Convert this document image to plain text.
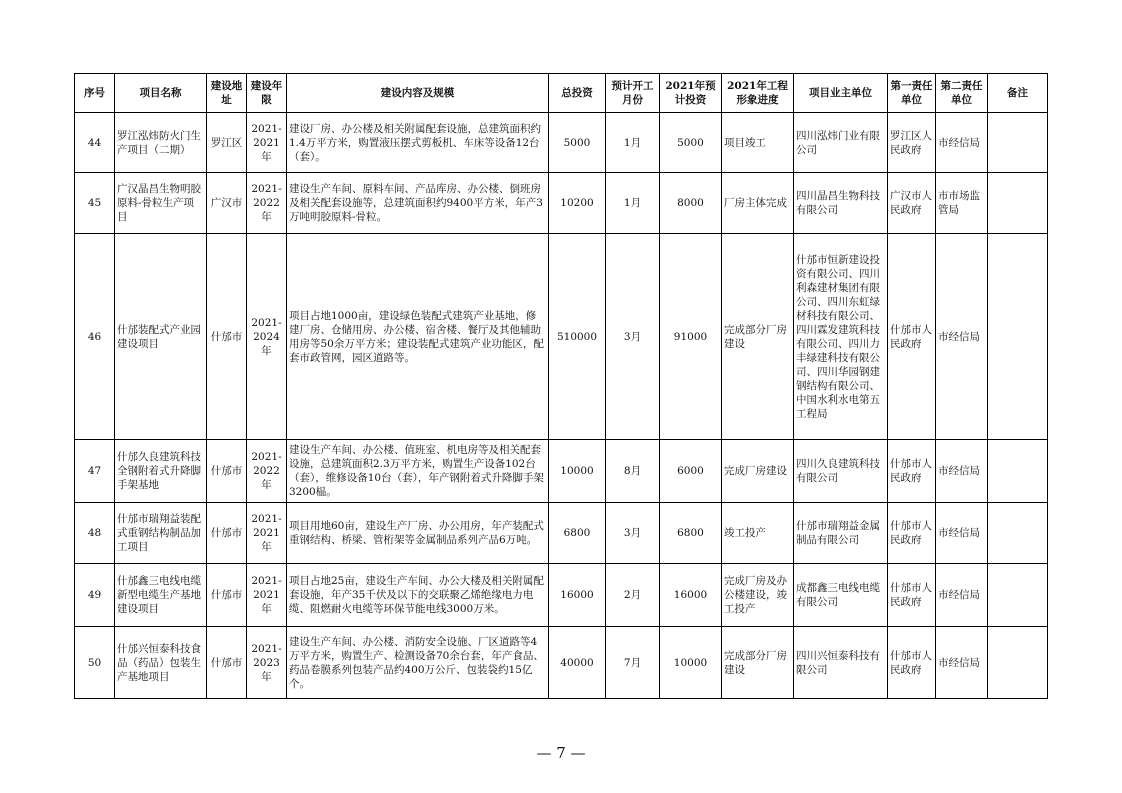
序号	项目名称	建设地址	建设年限	建设内容及规模	总投资	预计开工月份	2021年预计投资	2021年工程形象进度	项目业主单位	第一责任单位	第二责任单位	备注
44	罗江泓炜防火门生产项目（二期）	罗江区	2021-2021年	建设厂房、办公楼及相关附属配套设施，总建筑面积约1.4万平方米，购置液压摆式剪板机、车床等设备12台（套）。	5000	1月	5000	项目竣工	四川泓炜门业有限公司	罗江区人民政府	市经信局	
45	广汉晶昌生物明胶原料-骨粒生产项目	广汉市	2021-2022年	建设生产车间、原料车间、产品库房、办公楼、倒班房及相关配套设施等，总建筑面积约9400平方米，年产3万吨明胶原料-骨粒。	10200	1月	8000	厂房主体完成	四川晶昌生物科技有限公司	广汉市人民政府	市市场监管局	
46	什邡装配式产业园建设项目	什邡市	2021-2024年	项目占地1000亩，建设绿色装配式建筑产业基地，修建厂房、仓储用房、办公楼、宿舍楼、餐厅及其他辅助用房等50余万平方米；建设装配式建筑产业功能区，配套市政管网，园区道路等。	510000	3月	91000	完成部分厂房建设	什邡市恒新建设投资有限公司、四川利森建材集团有限公司、四川东虹绿材科技有限公司、四川霖发建筑科技有限公司、四川力丰绿建科技有限公司、四川华园钢建钢结构有限公司、中国水利水电第五工程局	什邡市人民政府	市经信局	
47	什邡久良建筑科技全钢附着式升降脚手架基地	什邡市	2021-2022年	建设生产车间、办公楼、值班室、机电房等及相关配套设施，总建筑面积2.3万平方米，购置生产设备102台（套），维修设备10台（套），年产钢附着式升降脚手架3200榀。	10000	8月	6000	完成厂房建设	四川久良建筑科技有限公司	什邡市人民政府	市经信局	
48	什邡市瑞翔益装配式重钢结构制品加工项目	什邡市	2021-2021年	项目用地60亩，建设生产厂房、办公用房，年产装配式重钢结构、桥梁、管桁架等金属制品系列产品6万吨。	6800	3月	6800	竣工投产	什邡市瑞翔益金属制品有限公司	什邡市人民政府	市经信局	
49	什邡鑫三电线电缆新型电缆生产基地建设项目	什邡市	2021-2021年	项目占地25亩，建设生产车间、办公大楼及相关附属配套设施，年产35千伏及以下的交联聚乙烯绝缘电力电缆、阻燃耐火电缆等环保节能电线3000万米。	16000	2月	16000	完成厂房及办公楼建设，竣工投产	成都鑫三电线电缆有限公司	什邡市人民政府	市经信局	
50	什邡兴恒泰科技食品（药品）包装生产基地项目	什邡市	2021-2023年	建设生产车间、办公楼、消防安全设施、厂区道路等4万平方米，购置生产、检测设备70余台套，年产食品、药品卷膜系列包装产品约400万公斤、包装袋约15亿个。	40000	7月	10000	完成部分厂房建设	四川兴恒泰科技有限公司	什邡市人民政府	市经信局	
— 7 —
